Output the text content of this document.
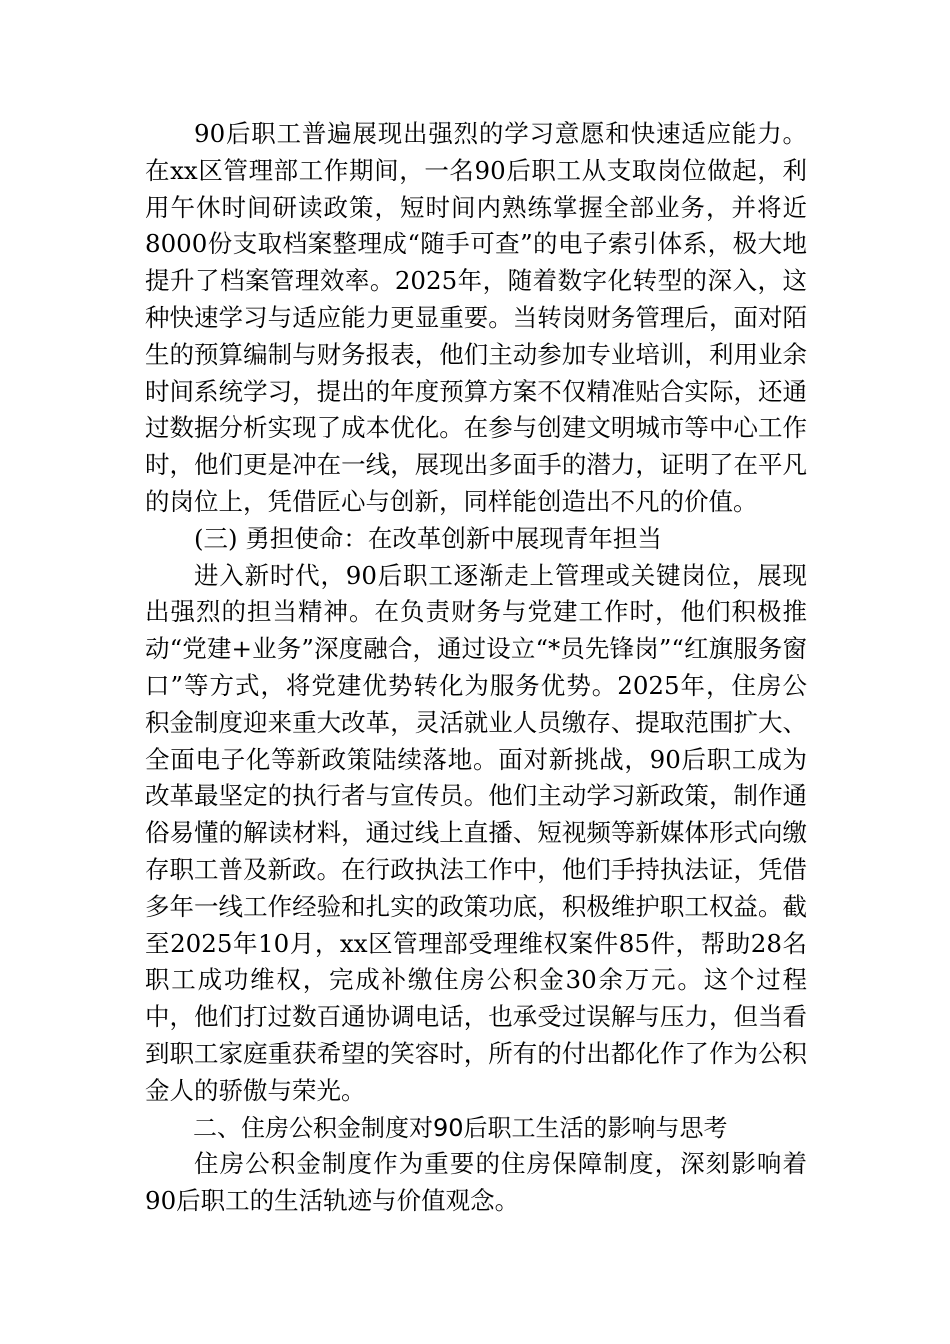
90后职工普遍展现出强烈的学习意愿和快速适应能力。在xx区管理部工作期间，一名90后职工从支取岗位做起，利用午休时间研读政策，短时间内熟练掌握全部业务，并将近8000份支取档案整理成“随手可查”的电子索引体系，极大地提升了档案管理效率。2025年，随着数字化转型的深入，这种快速学习与适应能力更显重要。当转岗财务管理后，面对陌生的预算编制与财务报表，他们主动参加专业培训，利用业余时间系统学习，提出的年度预算方案不仅精准贴合实际，还通过数据分析实现了成本优化。在参与创建文明城市等中心工作时，他们更是冲在一线，展现出多面手的潜力，证明了在平凡的岗位上，凭借匠心与创新，同样能创造出不凡的价值。

(三) 勇担使命：在改革创新中展现青年担当

进入新时代，90后职工逐渐走上管理或关键岗位，展现出强烈的担当精神。在负责财务与党建工作时，他们积极推动“党建+业务”深度融合，通过设立“*员先锋岗”“红旗服务窗口”等方式，将党建优势转化为服务优势。2025年，住房公积金制度迎来重大改革，灵活就业人员缴存、提取范围扩大、全面电子化等新政策陆续落地。面对新挑战，90后职工成为改革最坚定的执行者与宣传员。他们主动学习新政策，制作通俗易懂的解读材料，通过线上直播、短视频等新媒体形式向缴存职工普及新政。在行政执法工作中，他们手持执法证，凭借多年一线工作经验和扎实的政策功底，积极维护职工权益。截至2025年10月，xx区管理部受理维权案件85件，帮助28名职工成功维权，完成补缴住房公积金30余万元。这个过程中，他们打过数百通协调电话，也承受过误解与压力，但当看到职工家庭重获希望的笑容时，所有的付出都化作了作为公积金人的骄傲与荣光。

二、住房公积金制度对90后职工生活的影响与思考

住房公积金制度作为重要的住房保障制度，深刻影响着90后职工的生活轨迹与价值观念。
